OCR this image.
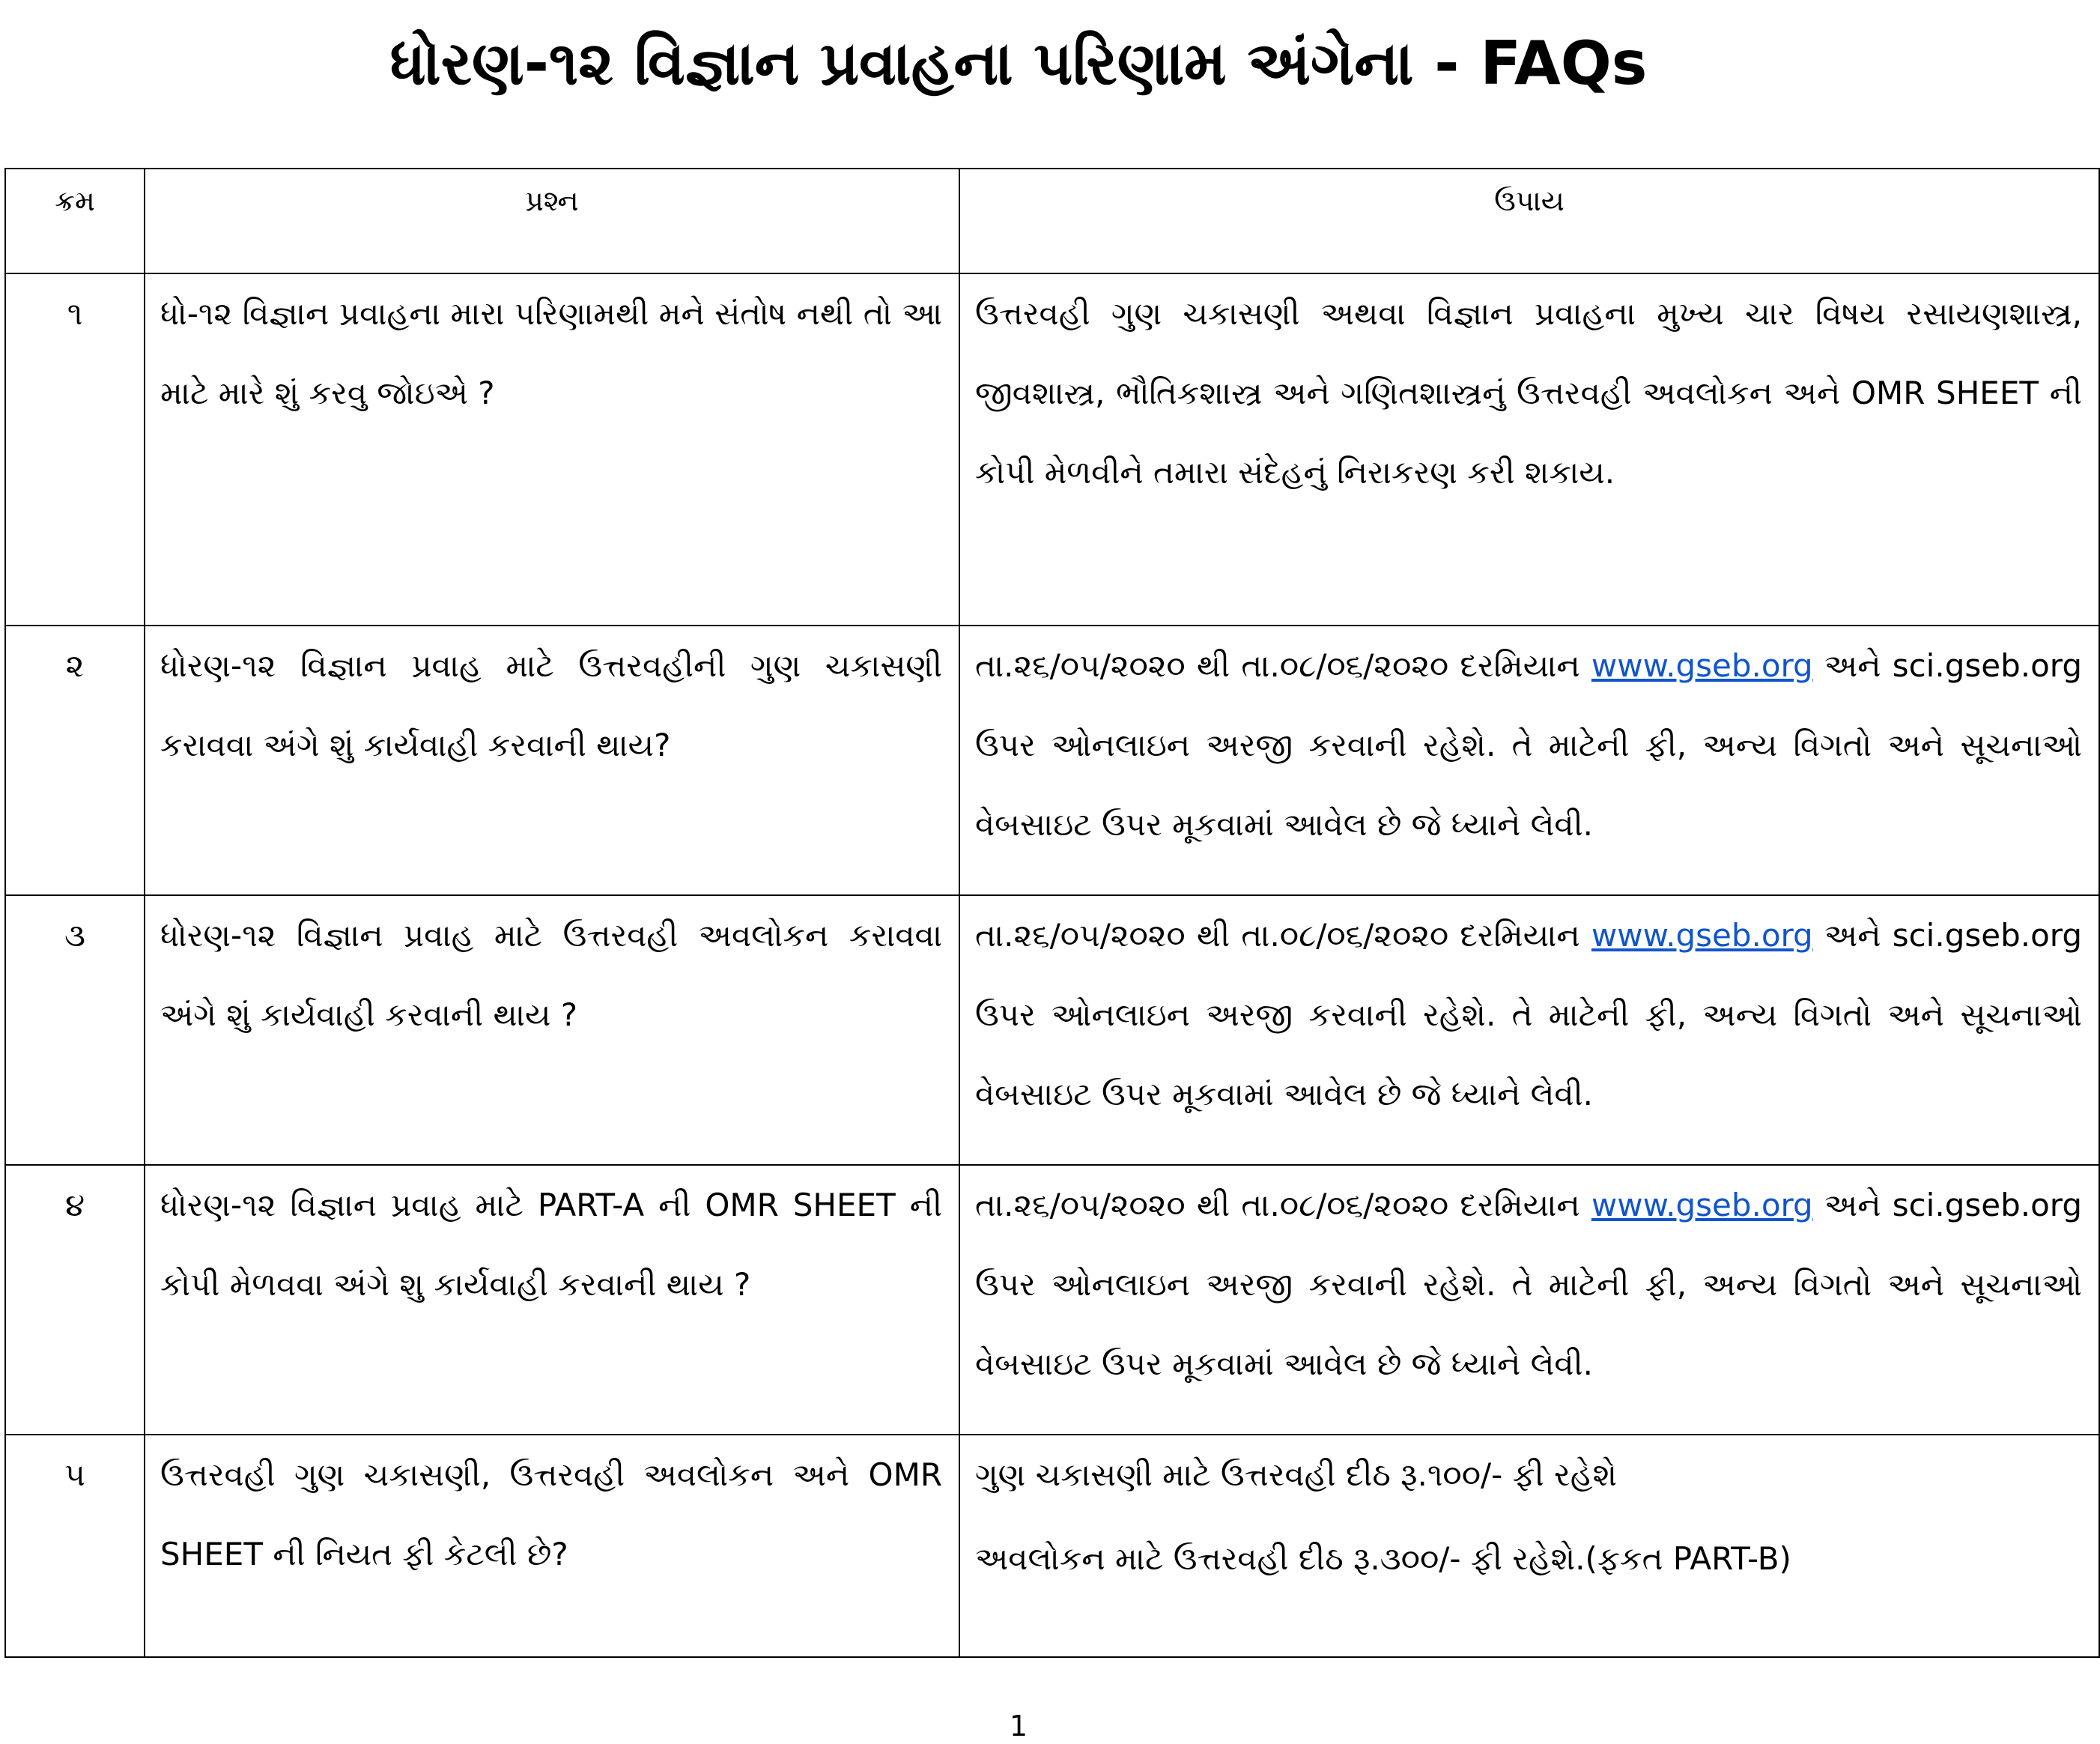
ધોરણ-૧૨ વિજ્ઞાન પ્રવાહના પરિણામ અંગેના - FAQs
ક્રમ	પ્રશ્ન	ઉપાય
૧	ધો-૧૨ વિજ્ઞાન પ્રવાહના મારા પરિણામથી મને સંતોષ નથી તો આ માટે મારે શું કરવુ જોઇએ ?	ઉત્તરવહી ગુણ ચકાસણી અથવા વિજ્ઞાન પ્રવાહના મુખ્ય ચાર વિષય રસાયણશાસ્ત્ર, જીવશાસ્ત્ર, ભૌતિકશાસ્ત્ર અને ગણિતશાસ્ત્રનું ઉત્તરવહી અવલોકન અને OMR SHEET ની કોપી મેળવીને તમારા સંદેહનું નિરાકરણ કરી શકાય.
૨	ધોરણ-૧૨ વિજ્ઞાન પ્રવાહ માટે ઉત્તરવહીની ગુણ ચકાસણી કરાવવા અંગે શું કાર્યવાહી કરવાની થાય?	તા.૨૬/૦૫/૨૦૨૦ થી તા.૦૮/૦૬/૨૦૨૦ દરમિયાન www.gseb.org અને sci.gseb.org ઉપર ઓનલાઇન અરજી કરવાની રહેશે. તે માટેની ફી, અન્ય વિગતો અને સૂચનાઓ વેબસાઇટ ઉપર મૂકવામાં આવેલ છે જે ધ્યાને લેવી.
૩	ધોરણ-૧૨ વિજ્ઞાન પ્રવાહ માટે ઉત્તરવહી અવલોકન કરાવવા અંગે શું કાર્યવાહી કરવાની થાય ?	તા.૨૬/૦૫/૨૦૨૦ થી તા.૦૮/૦૬/૨૦૨૦ દરમિયાન www.gseb.org અને sci.gseb.org ઉપર ઓનલાઇન અરજી કરવાની રહેશે. તે માટેની ફી, અન્ય વિગતો અને સૂચનાઓ વેબસાઇટ ઉપર મૂકવામાં આવેલ છે જે ધ્યાને લેવી.
૪	ધોરણ-૧૨ વિજ્ઞાન પ્રવાહ માટે PART-A ની OMR SHEET ની કોપી મેળવવા અંગે શુ કાર્યવાહી કરવાની થાય ?	તા.૨૬/૦૫/૨૦૨૦ થી તા.૦૮/૦૬/૨૦૨૦ દરમિયાન www.gseb.org અને sci.gseb.org ઉપર ઓનલાઇન અરજી કરવાની રહેશે. તે માટેની ફી, અન્ય વિગતો અને સૂચનાઓ વેબસાઇટ ઉપર મૂકવામાં આવેલ છે જે ધ્યાને લેવી.
૫	ઉત્તરવહી ગુણ ચકાસણી, ઉત્તરવહી અવલોકન અને OMR SHEET ની નિયત ફી કેટલી છે?	ગુણ ચકાસણી માટે ઉત્તરવહી દીઠ રૂ.૧૦૦/- ફી રહેશે
અવલોકન માટે ઉત્તરવહી દીઠ રૂ.૩૦૦/- ફી રહેશે.(ફકત PART-B)
1
